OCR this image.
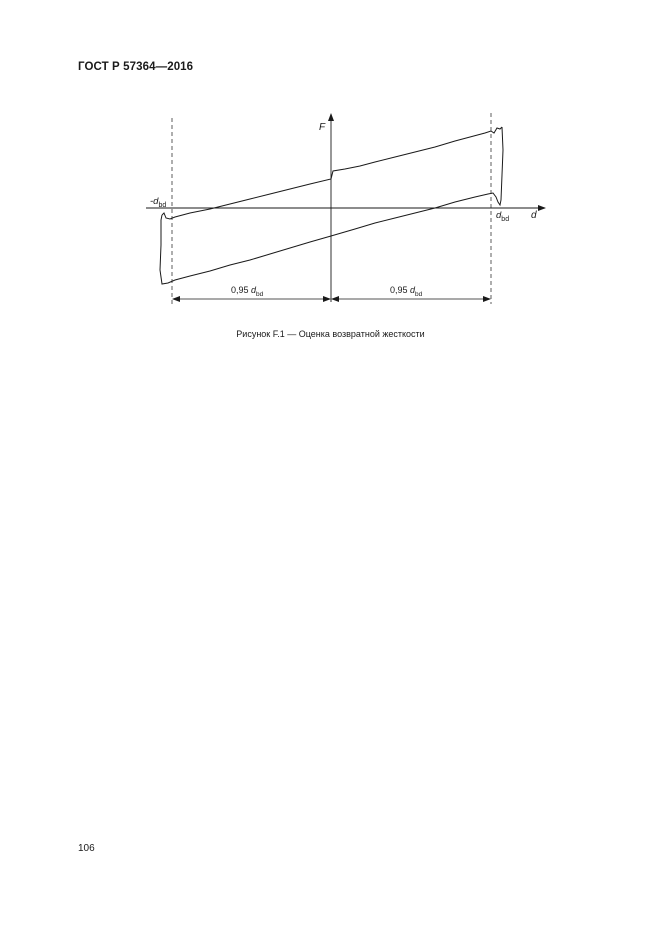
ГОСТ Р 57364—2016
F
d
$-d_{bd}$
$d_{bd}$
0,95 $d_{bd}$	0,95 $d_{bd}$
Рисунок F.1 — Оценка возвратной жесткости
106
